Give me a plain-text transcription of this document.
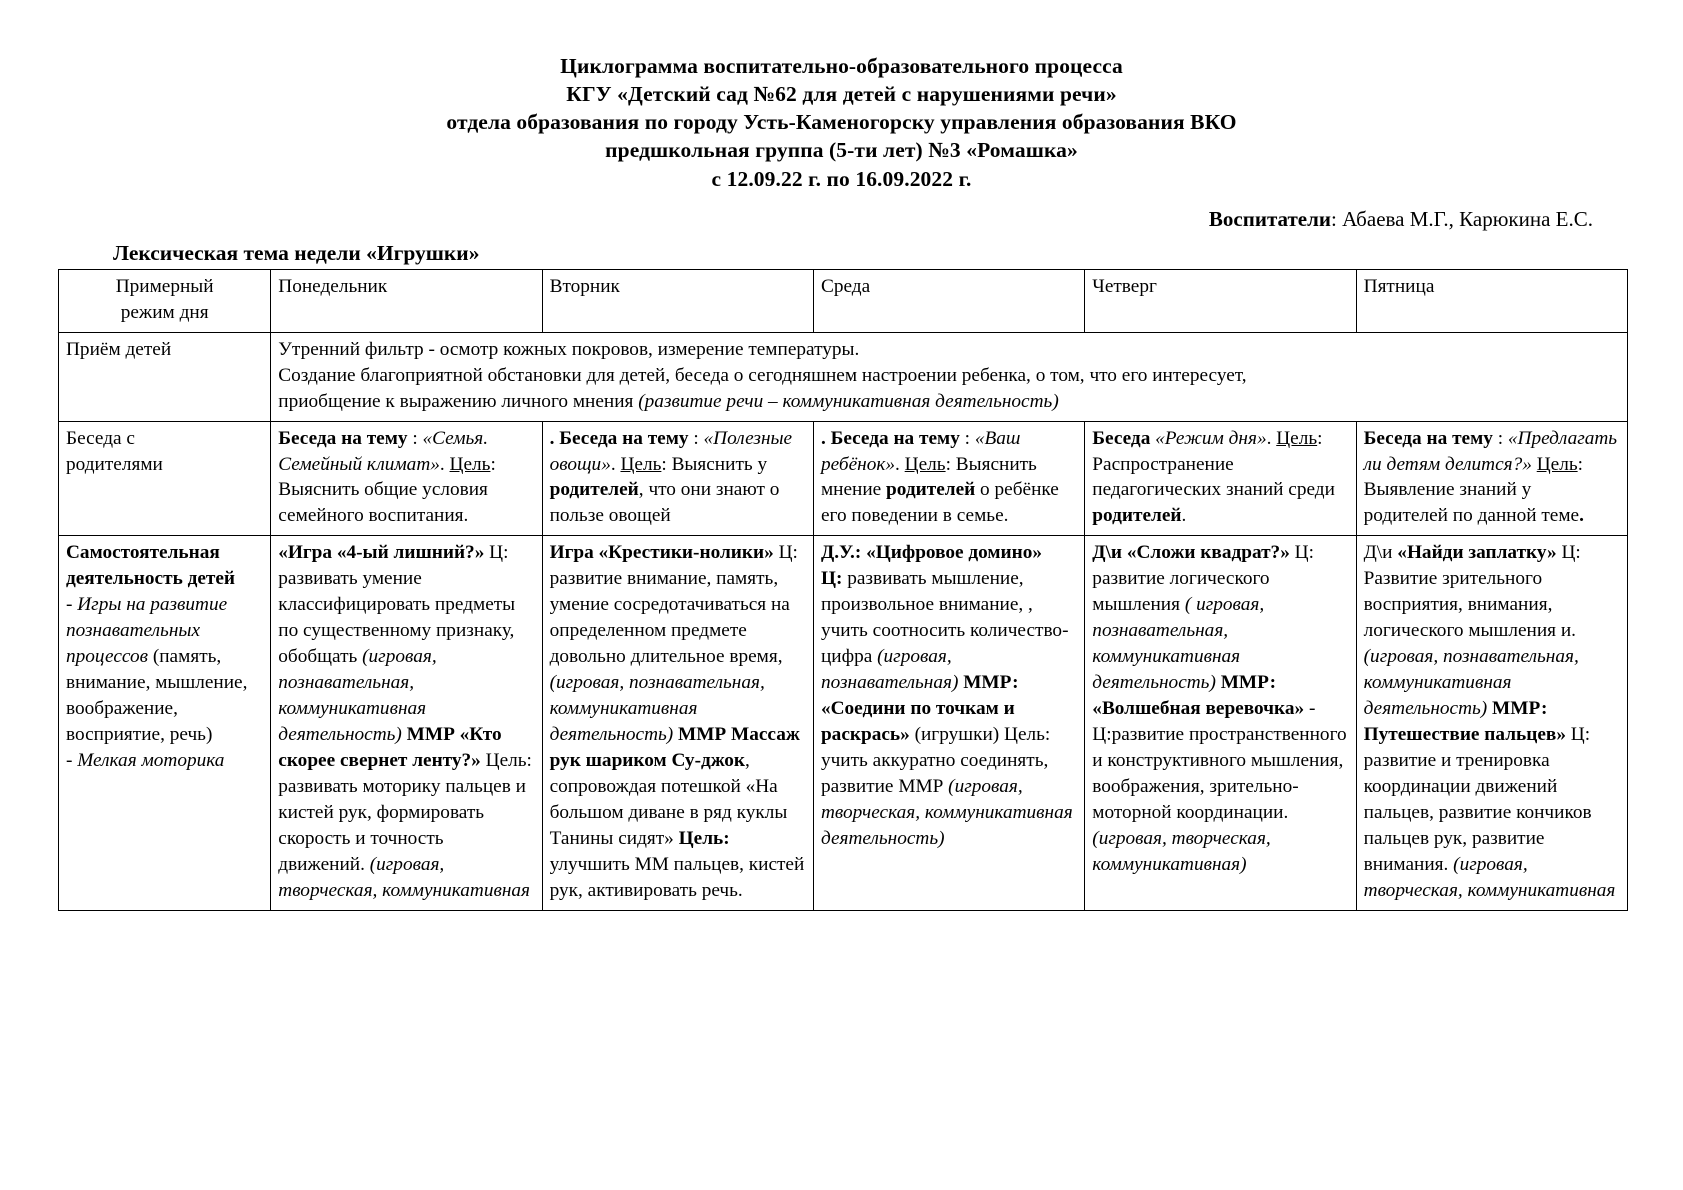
Циклограмма воспитательно-образовательного процесса
КГУ «Детский сад №62 для детей с нарушениями речи»
отдела образования по городу Усть-Каменогорску управления образования ВКО
предшкольная группа (5-ти лет) №3 «Ромашка»
с 12.09.22 г. по 16.09.2022 г.
Воспитатели: Абаева М.Г., Карюкина Е.С.
Лексическая тема недели «Игрушки»
Примерный
режим дня	Понедельник	Вторник	Среда	Четверг	Пятница
Приём детей	Утренний фильтр - осмотр кожных покровов, измерение температуры.

Создание благоприятной обстановки для детей, беседа о сегодняшнем настроении ребенка, о том, что его интересует,

приобщение к выражению личного мнения (развитие речи – коммуникативная деятельность)				

Беседа с
родителями	Беседа на тему : «Семья. Семейный климат». Цель: Выяснить общие условия семейного воспитания.	. Беседа на тему : «Полезные овощи». Цель: Выяснить у родителей, что они знают о пользе овощей	. Беседа на тему : «Ваш ребёнок». Цель: Выяснить мнение родителей о ребёнке его поведении в семье.	Беседа «Режим дня». Цель: Распространение педагогических знаний среди родителей.	Беседа на тему : «Предлагать ли детям делится?» Цель: Выявление знаний у родителей по данной теме.
Самостоятельная деятельность детей
- Игры на развитие познавательных процессов (память, внимание, мышление, воображение, восприятие, речь)
- Мелкая моторика	«Игра «4-ый лишний?» Ц: развивать умение классифицировать предметы по существенному признаку, обобщать (игровая, познавательная, коммуникативная деятельность) ММР «Кто скорее свернет ленту?» Цель: развивать моторику пальцев и кистей рук, формировать скорость и точность движений. (игровая, творческая, коммуникативная	Игра «Крестики-нолики» Ц: развитие внимание, память, умение сосредотачиваться на определенном предмете довольно длительное время, (игровая, познавательная, коммуникативная деятельность) ММР Массаж рук шариком Су-джок, сопровождая потешкой «На большом диване в ряд куклы Танины сидят» Цель: улучшить ММ пальцев, кистей рук, активировать речь.	Д.У.: «Цифровое домино»
Ц: развивать мышление, произвольное внимание, , учить соотносить количество-цифра (игровая, познавательная) ММР: «Соедини по точкам и раскрась» (игрушки) Цель: учить аккуратно соединять, развитие ММР (игровая, творческая, коммуникативная деятельность)	Д\и «Сложи квадрат?» Ц: развитие логического мышления ( игровая, познавательная, коммуникативная деятельность) ММР: «Волшебная веревочка» - Ц:развитие пространственного и конструктивного мышления, воображения, зрительно-моторной координации. (игровая, творческая, коммуникативная)	Д\и «Найди заплатку» Ц: Развитие зрительного восприятия, внимания, логического мышления и. (игровая, познавательная, коммуникативная деятельность) ММР: Путешествие пальцев» Ц: развитие и тренировка координации движений пальцев, развитие кончиков пальцев рук, развитие внимания. (игровая, творческая, коммуникативная
